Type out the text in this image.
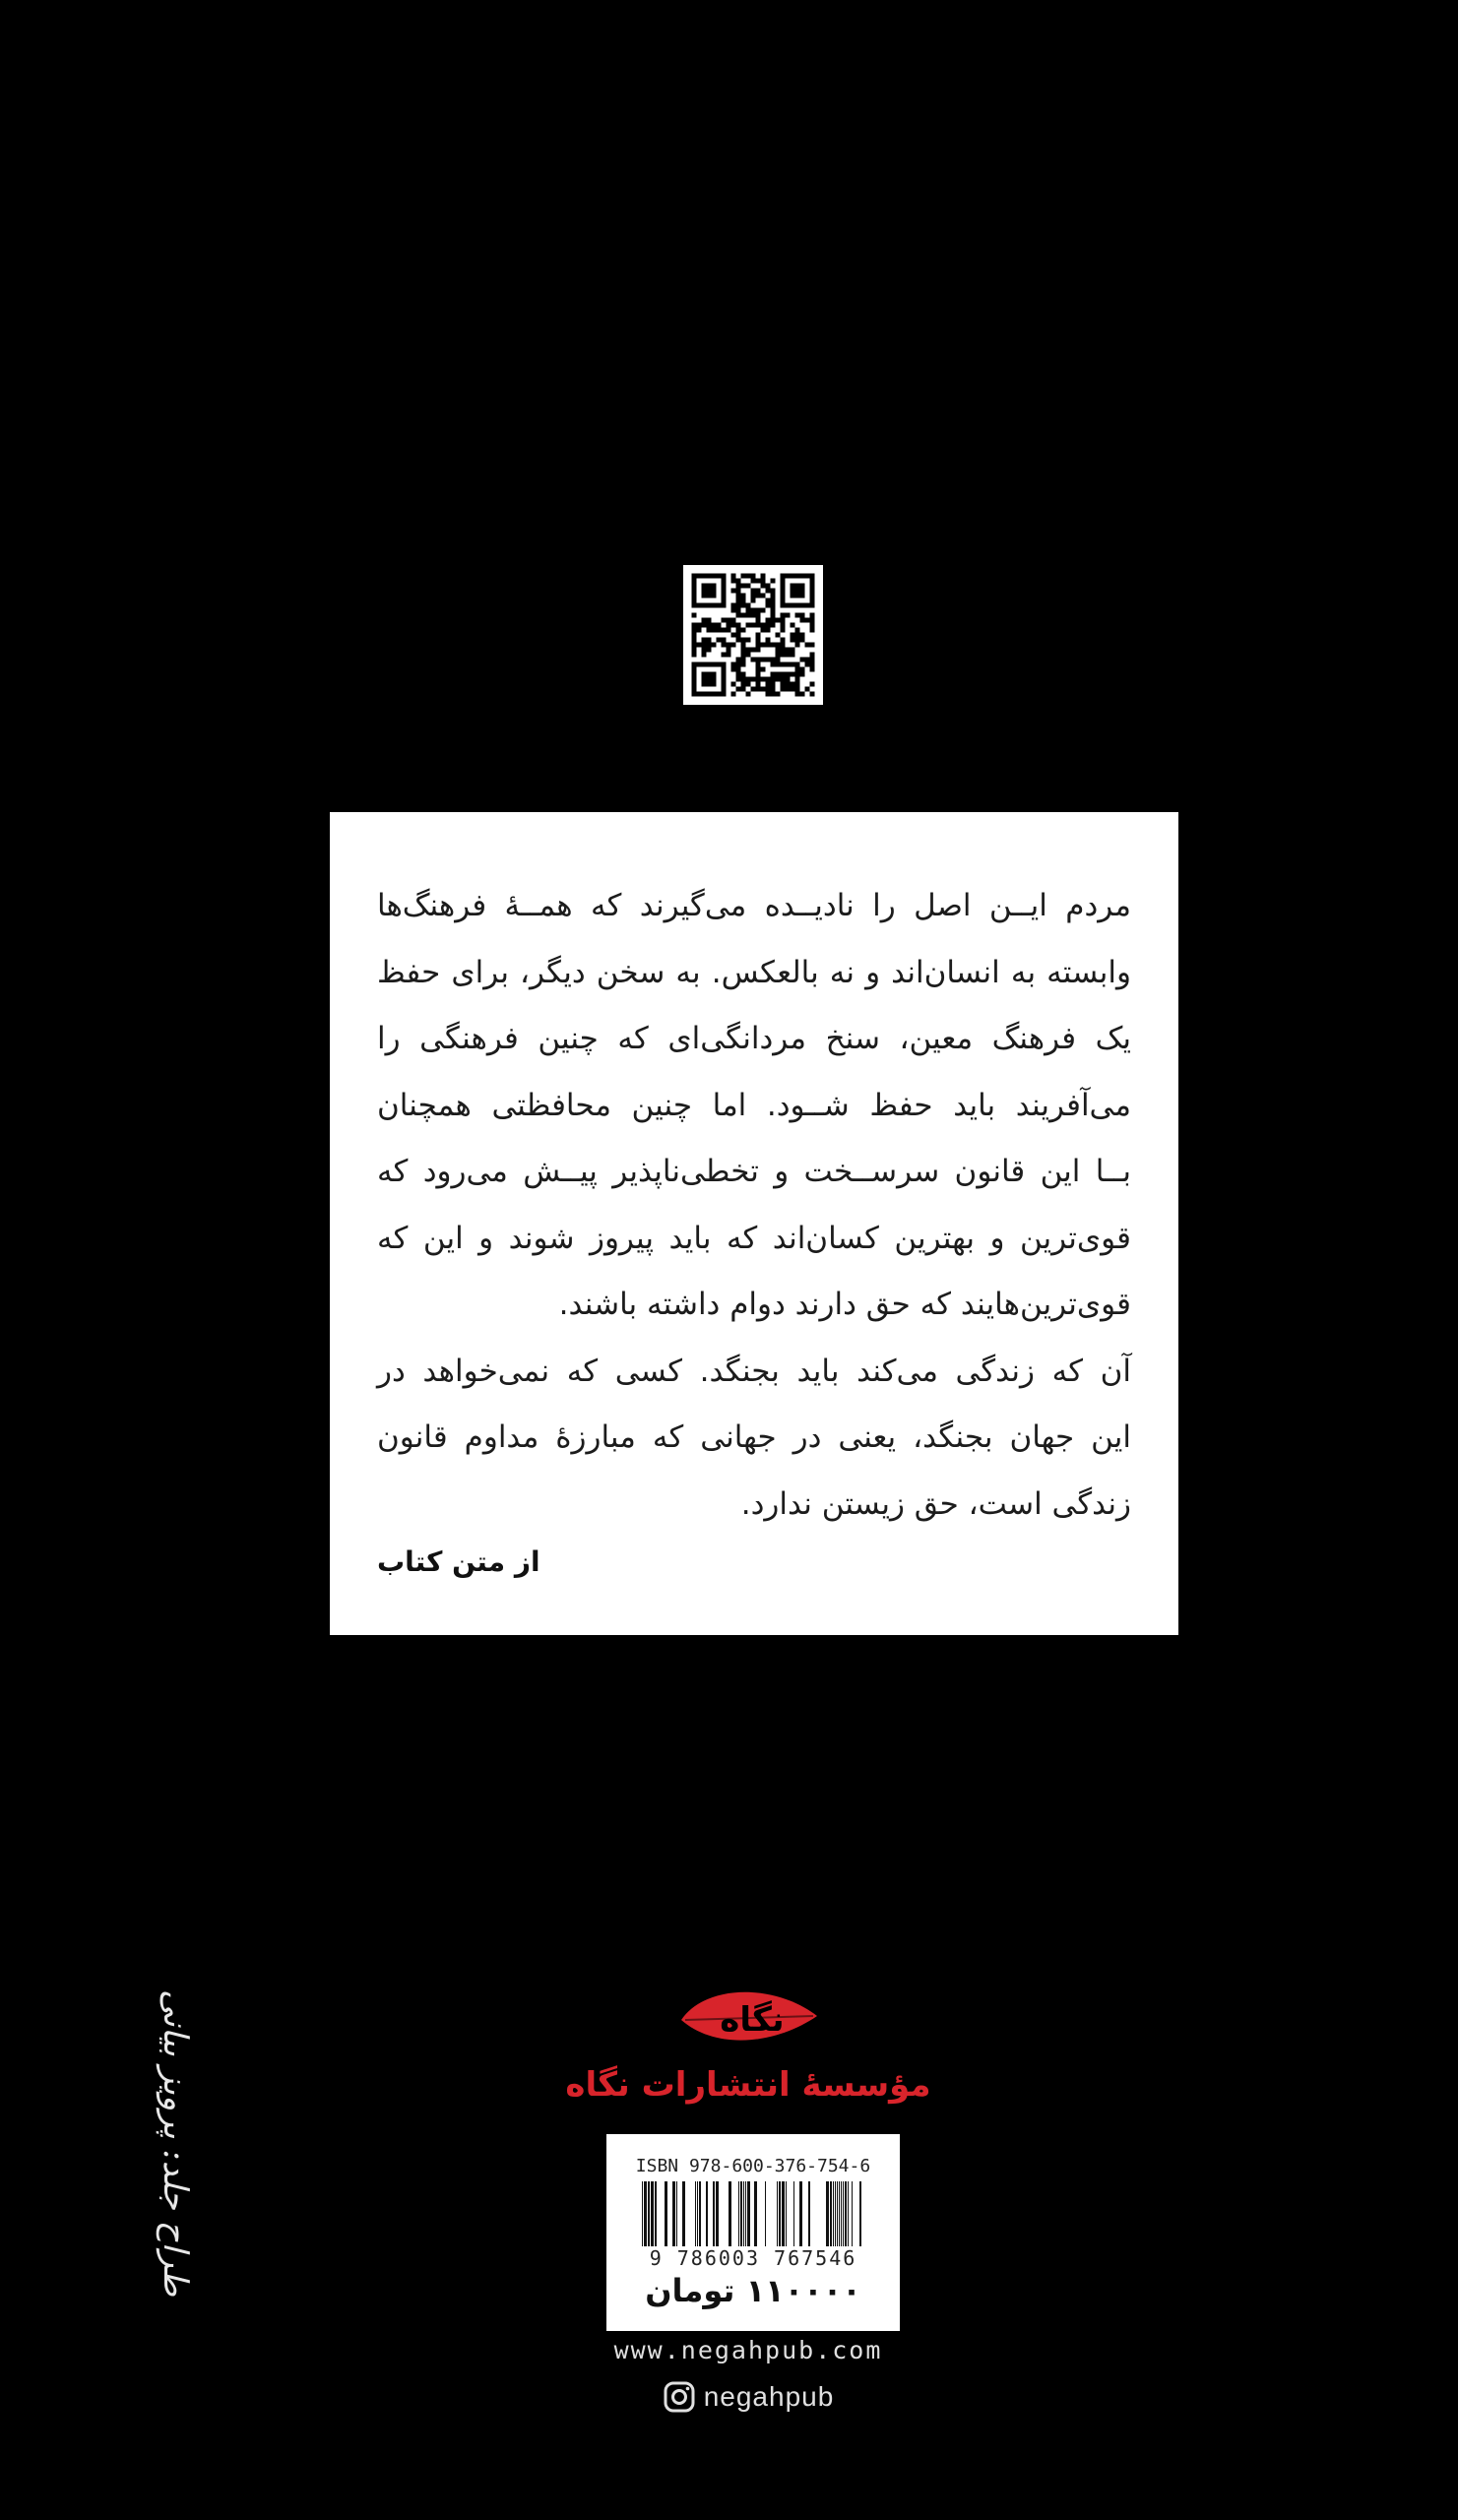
مردم ایــن اصل را نادیــده می‌گیرند که همــۀ فرهنگ‌ها
وابسته به انسان‌اند و نه بالعکس. به سخن دیگر، برای حفظ
یک فرهنگ معین، سنخ مردانگی‌ای که چنین فرهنگی را
می‌آفریند باید حفظ شــود. اما چنین محافظتی همچنان
بــا این قانون سرســخت و تخطی‌ناپذیر پیــش می‌رود که
قوی‌ترین و بهترین کسان‌اند که باید پیروز شوند و این که
قوی‌ترین‌هایند که حق دارند دوام داشته باشند.
آن که زندگی می‌کند باید بجنگد. کسی که نمی‌خواهد در
این جهان بجنگد، یعنی در جهانی که مبارزۀ مداوم قانون
زندگی است، حق زیستن ندارد.
از متن کتاب
طراح جلد: پرویز بیانی	نگاه
مؤسسۀ انتشارات نگاه
ISBN 978-600-376-754-6
9 786003 767546
۱۱۰۰۰۰ تومان
www.negahpub.com
negahpub
